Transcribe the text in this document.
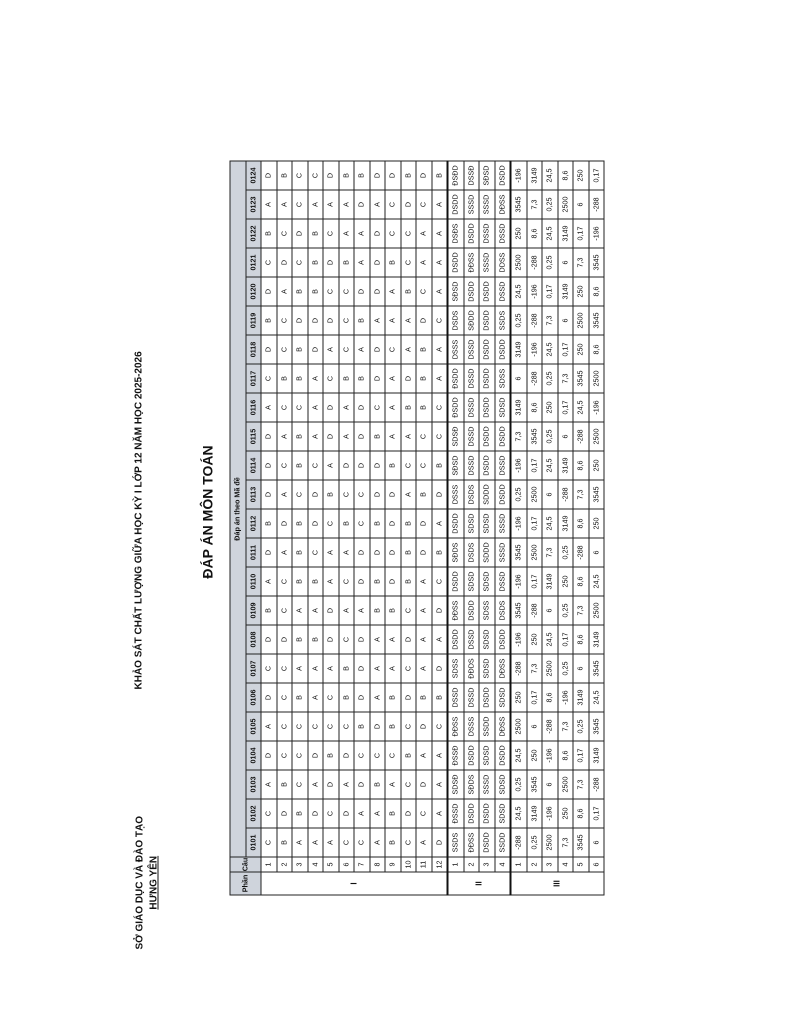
SỞ GIÁO DỤC VÀ ĐÀO TẠO HƯNG YÊN
KHẢO SÁT CHẤT LƯỢNG GIỮA HỌC KỲ I LỚP 12 NĂM HỌC 2025-2026	ĐÁP ÁN MÔN TOÁN
Phần	Câu	Đáp án theo Mã đề																							
		0101	0102	0103	0104	0105	0106	0107	0108	0109	0110	0111	0112	0113	0114	0115	0116	0117	0118	0119	0120	0121	0122	0123	0124
I	1	C	C	A	D	A	D	C	D	B	A	D	B	D	D	D	A	C	D	B	D	C	B	A	D
	2	B	D	B	C	C	C	C	D	C	C	A	D	A	C	A	C	B	C	C	A	D	C	A	B
	3	A	B	C	C	C	B	A	B	A	B	B	B	C	B	B	C	B	B	D	B	C	D	C	C
	4	A	D	A	D	C	A	A	B	A	B	C	D	D	C	A	A	A	D	D	B	B	B	A	C
	5	A	C	D	B	C	C	A	D	D	A	A	C	B	A	D	D	C	A	D	C	D	C	A	D
	6	C	D	A	D	C	B	B	C	A	C	A	B	C	D	A	A	B	C	C	C	B	A	A	B
	7	C	A	D	C	B	D	D	D	A	D	D	C	C	D	D	D	B	A	B	D	A	A	D	B
	8	A	A	B	C	D	A	A	A	B	B	D	B	D	D	B	C	D	D	A	D	D	D	A	D
	9	B	B	A	C	B	B	A	A	B	D	D	D	D	B	A	A	A	C	A	A	B	C	C	D
	10	C	D	C	B	C	D	C	D	C	B	B	B	A	C	A	B	D	A	A	B	C	C	D	B
	11	A	C	D	A	D	B	A	A	A	A	D	D	B	C	C	B	B	B	D	C	A	A	C	D
	12	D	A	A	A	C	B	D	A	D	C	B	A	D	B	C	C	A	A	C	A	A	A	A	B
II	1	SSDS	ĐSSD	SDSĐ	ĐSSĐ	ĐĐSS	DSSD	SDSS	DSDD	ĐĐSS	DSDD	SĐDS	DSDD	DSSS	SĐSD	SDSĐ	ĐSDD	ĐSDD	DSSS	DSDS	SĐSD	DSDD	DSĐS	DSDD	ĐSĐD
	2	ĐĐSS	DSDD	SĐDS	DSDD	DSSS	DSSD	ĐĐDS	DSSD	DSDD	SDSD	DSDS	SDSD	DSDS	DSSD	DSSD	DSSD	DSSD	DSSD	SĐDD	DSDD	ĐĐSS	DSDD	SSSD	DSSĐ
	3	DSDD	DSDD	SSSD	SDSD	SSDD	DSDD	SDSD	SDSD	SDSS	SDSD	SDDD	SDSD	SDDD	DSDD	DSDD	DSDD	DSDD	DSDD	DSDD	DSDD	SSSD	DSSD	SSSD	SĐSD
	4	SSDD	SDSD	SDSD	DSDD	DĐSS	SDSD	DĐSS	DSDD	DSDS	DSSD	SSSD	SSSD	DSDD	DSSD	DSDD	SDSD	SDSS	DSDD	SSDS	DSSD	DDSS	DSSD	DĐSS	DSDD
III	1	-288	24,5	0,25	24,5	2500	250	-288	-196	3545	-196	3545	-196	0,25	-196	7,3	3149	6	3149	0,25	24,5	2500	250	3545	-196
	2	0,25	3149	3545	250	6	0,17	7,3	250	-288	0,17	2500	0,17	2500	0,17	3545	8,6	-288	-196	-288	-196	-288	8,6	7,3	3149
	3	2500	-196	6	-196	-288	8,6	2500	24,5	6	3149	7,3	24,5	6	24,5	0,25	250	0,25	24,5	7,3	0,17	0,25	24,5	0,25	24,5
	4	7,3	250	2500	8,6	7,3	-196	0,25	0,17	0,25	250	0,25	3149	-288	3149	6	0,17	7,3	0,17	6	3149	6	3149	2500	8,6
	5	3545	8,6	7,3	0,17	0,25	3149	6	8,6	7,3	8,6	-288	8,6	7,3	8,6	-288	24,5	3545	250	2500	250	7,3	0,17	6	250
	6	6	0,17	-288	3149	3545	24,5	3545	3149	2500	24,5	6	250	3545	250	2500	-196	2500	8,6	3545	8,6	3545	-196	-288	0,17
